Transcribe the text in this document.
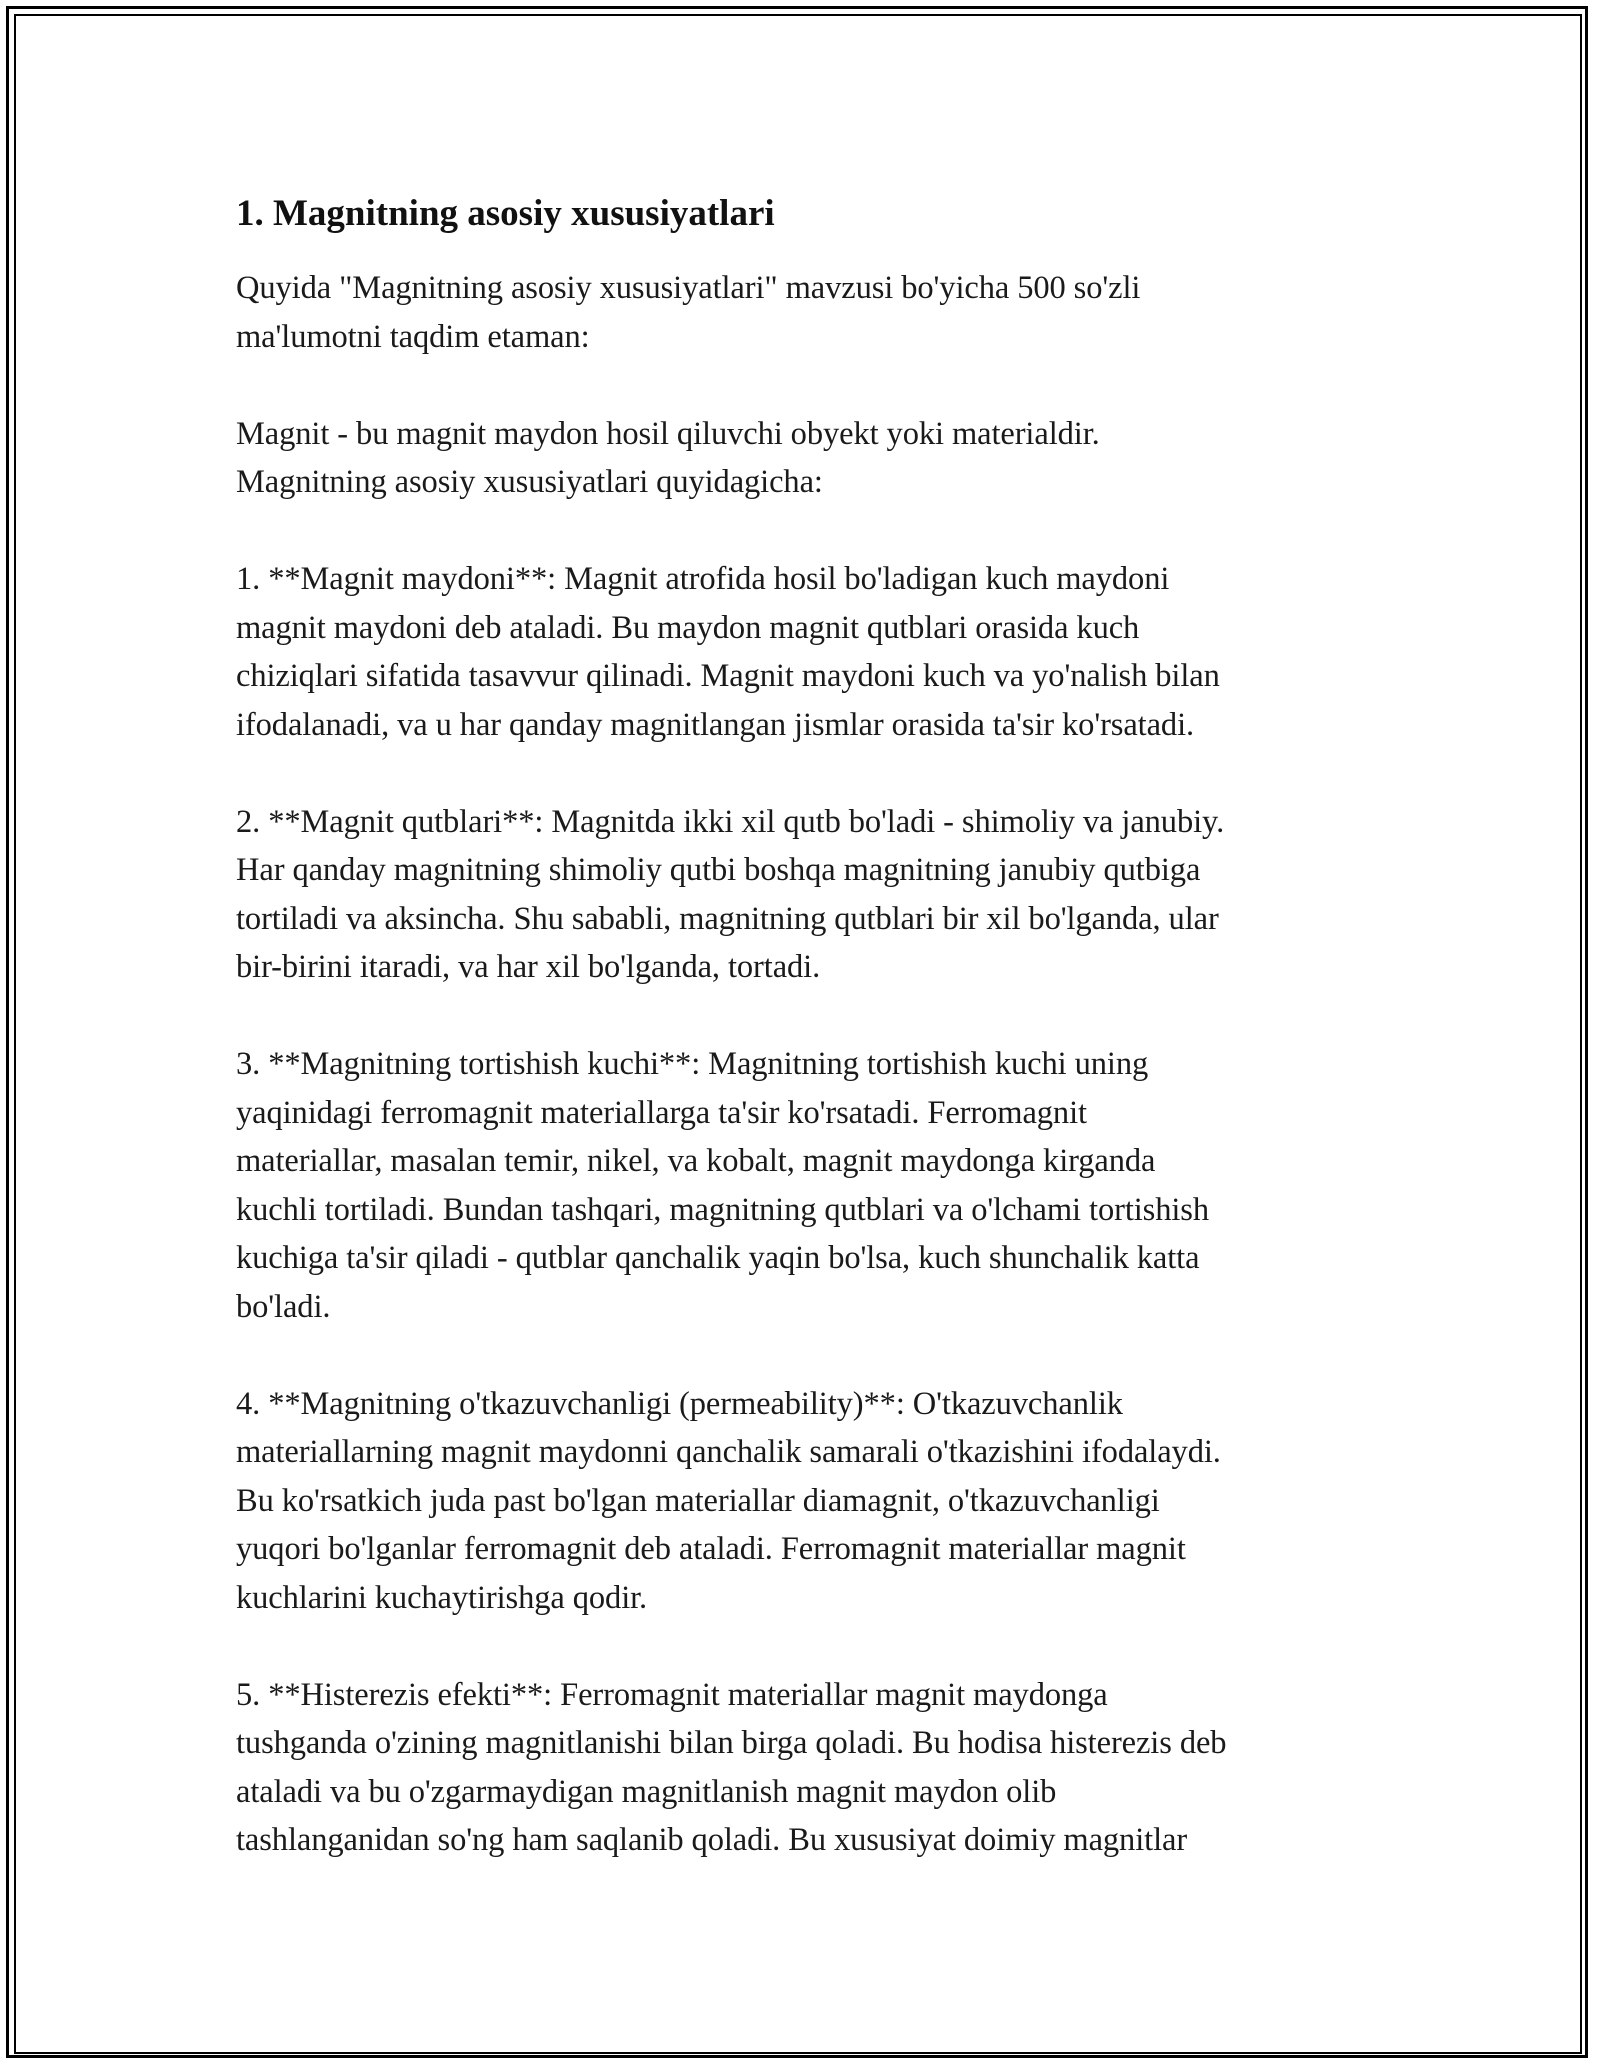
1. Magnitning asosiy xususiyatlari

Quyida "Magnitning asosiy xususiyatlari" mavzusi bo'yicha 500 so'zli
ma'lumotni taqdim etaman:

Magnit - bu magnit maydon hosil qiluvchi obyekt yoki materialdir.
Magnitning asosiy xususiyatlari quyidagicha:

1. **Magnit maydoni**: Magnit atrofida hosil bo'ladigan kuch maydoni
magnit maydoni deb ataladi. Bu maydon magnit qutblari orasida kuch
chiziqlari sifatida tasavvur qilinadi. Magnit maydoni kuch va yo'nalish bilan
ifodalanadi, va u har qanday magnitlangan jismlar orasida ta'sir ko'rsatadi.

2. **Magnit qutblari**: Magnitda ikki xil qutb bo'ladi - shimoliy va janubiy.
Har qanday magnitning shimoliy qutbi boshqa magnitning janubiy qutbiga
tortiladi va aksincha. Shu sababli, magnitning qutblari bir xil bo'lganda, ular
bir-birini itaradi, va har xil bo'lganda, tortadi.

3. **Magnitning tortishish kuchi**: Magnitning tortishish kuchi uning
yaqinidagi ferromagnit materiallarga ta'sir ko'rsatadi. Ferromagnit
materiallar, masalan temir, nikel, va kobalt, magnit maydonga kirganda
kuchli tortiladi. Bundan tashqari, magnitning qutblari va o'lchami tortishish
kuchiga ta'sir qiladi - qutblar qanchalik yaqin bo'lsa, kuch shunchalik katta
bo'ladi.

4. **Magnitning o'tkazuvchanligi (permeability)**: O'tkazuvchanlik
materiallarning magnit maydonni qanchalik samarali o'tkazishini ifodalaydi.
Bu ko'rsatkich juda past bo'lgan materiallar diamagnit, o'tkazuvchanligi
yuqori bo'lganlar ferromagnit deb ataladi. Ferromagnit materiallar magnit
kuchlarini kuchaytirishga qodir.

5. **Histerezis efekti**: Ferromagnit materiallar magnit maydonga
tushganda o'zining magnitlanishi bilan birga qoladi. Bu hodisa histerezis deb
ataladi va bu o'zgarmaydigan magnitlanish magnit maydon olib
tashlanganidan so'ng ham saqlanib qoladi. Bu xususiyat doimiy magnitlar
